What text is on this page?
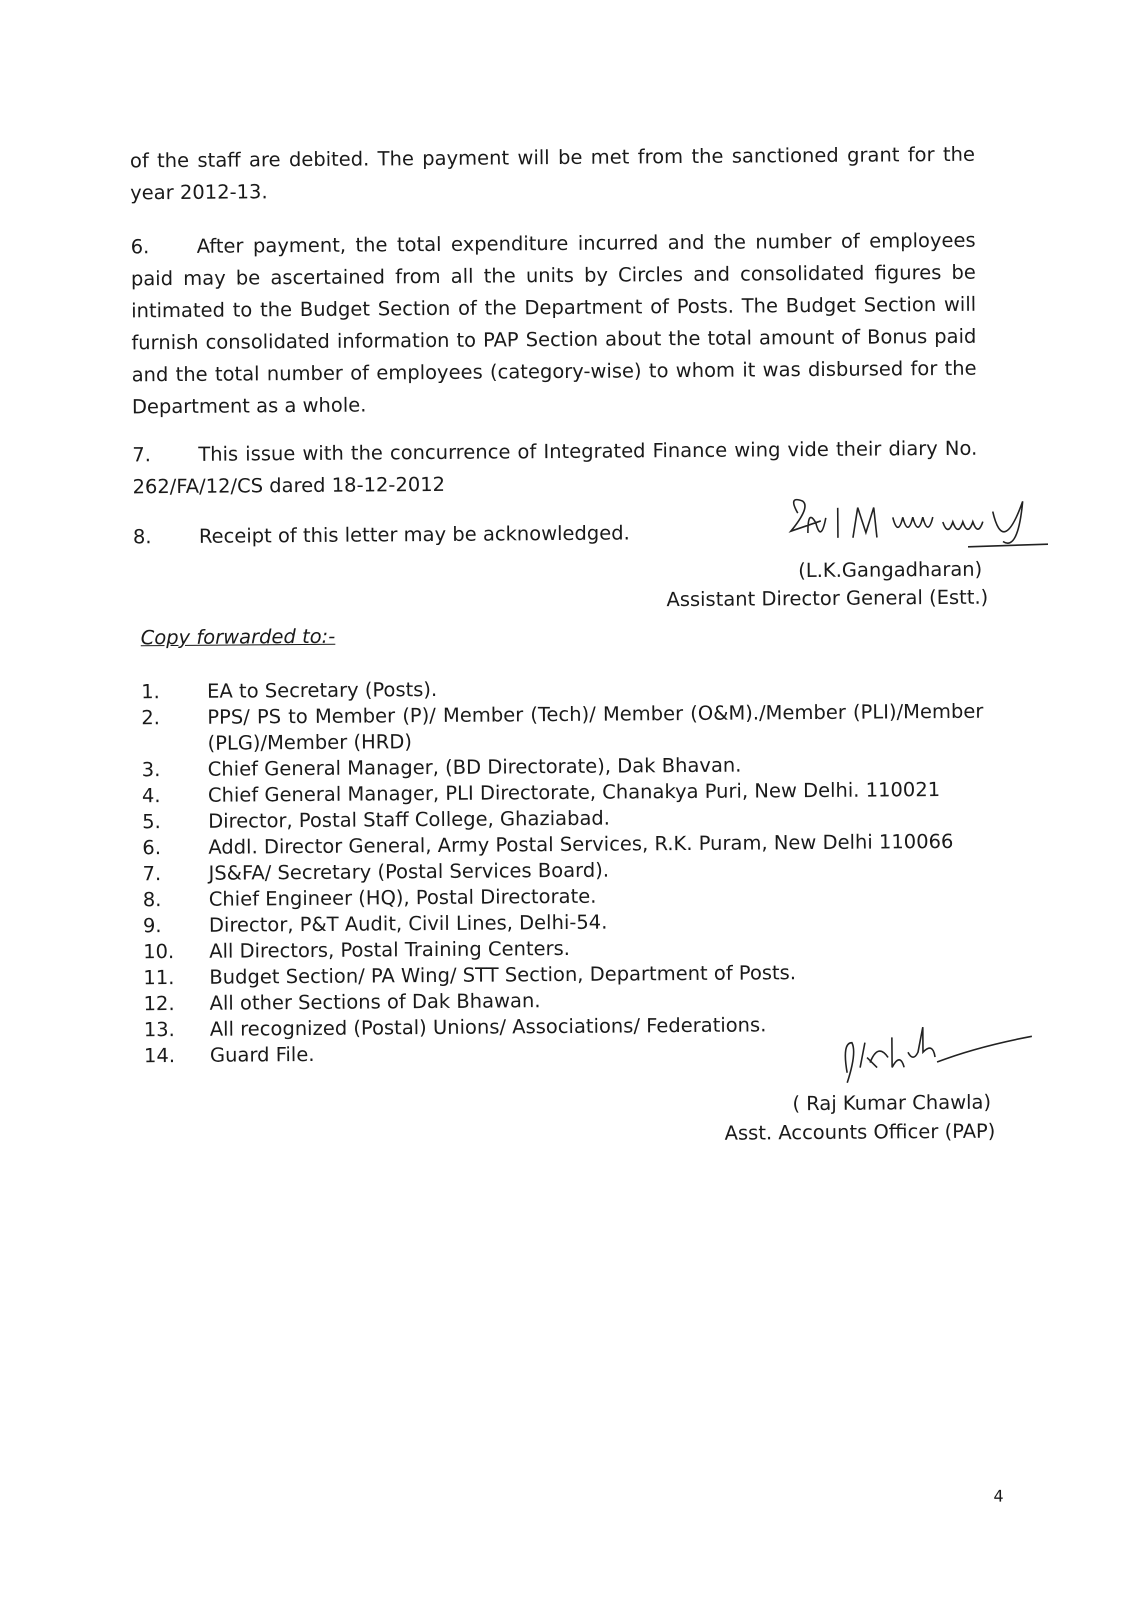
of the staff are debited. The payment will be met from the sanctioned grant for the year 2012-13.
6. After payment, the total expenditure incurred and the number of employees paid may be ascertained from all the units by Circles and consolidated figures be intimated to the Budget Section of the Department of Posts. The Budget Section will furnish consolidated information to PAP Section about the total amount of Bonus paid and the total number of employees (category-wise) to whom it was disbursed for the Department as a whole.
7. This issue with the concurrence of Integrated Finance wing vide their diary No. 262/FA/12/CS dared 18-12-2012
8. Receipt of this letter may be acknowledged.
(L.K.Gangadharan)
Assistant Director General (Estt.)
Copy forwarded to:-
1.	EA to Secretary (Posts).
2.	PPS/ PS to Member (P)/ Member (Tech)/ Member (O&M)./Member (PLI)/Member (PLG)/Member (HRD)
3.	Chief General Manager, (BD Directorate), Dak Bhavan.
4.	Chief General Manager, PLI Directorate, Chanakya Puri, New Delhi. 110021
5.	Director, Postal Staff College, Ghaziabad.
6.	Addl. Director General, Army Postal Services, R.K. Puram, New Delhi 110066
7.	JS&FA/ Secretary (Postal Services Board).
8.	Chief Engineer (HQ), Postal Directorate.
9.	Director, P&T Audit, Civil Lines, Delhi-54.
10.	All Directors, Postal Training Centers.
11.	Budget Section/ PA Wing/ STT Section, Department of Posts.
12.	All other Sections of Dak Bhawan.
13.	All recognized (Postal) Unions/ Associations/ Federations.
14.	Guard File.
( Raj Kumar Chawla)
Asst. Accounts Officer (PAP)
4
